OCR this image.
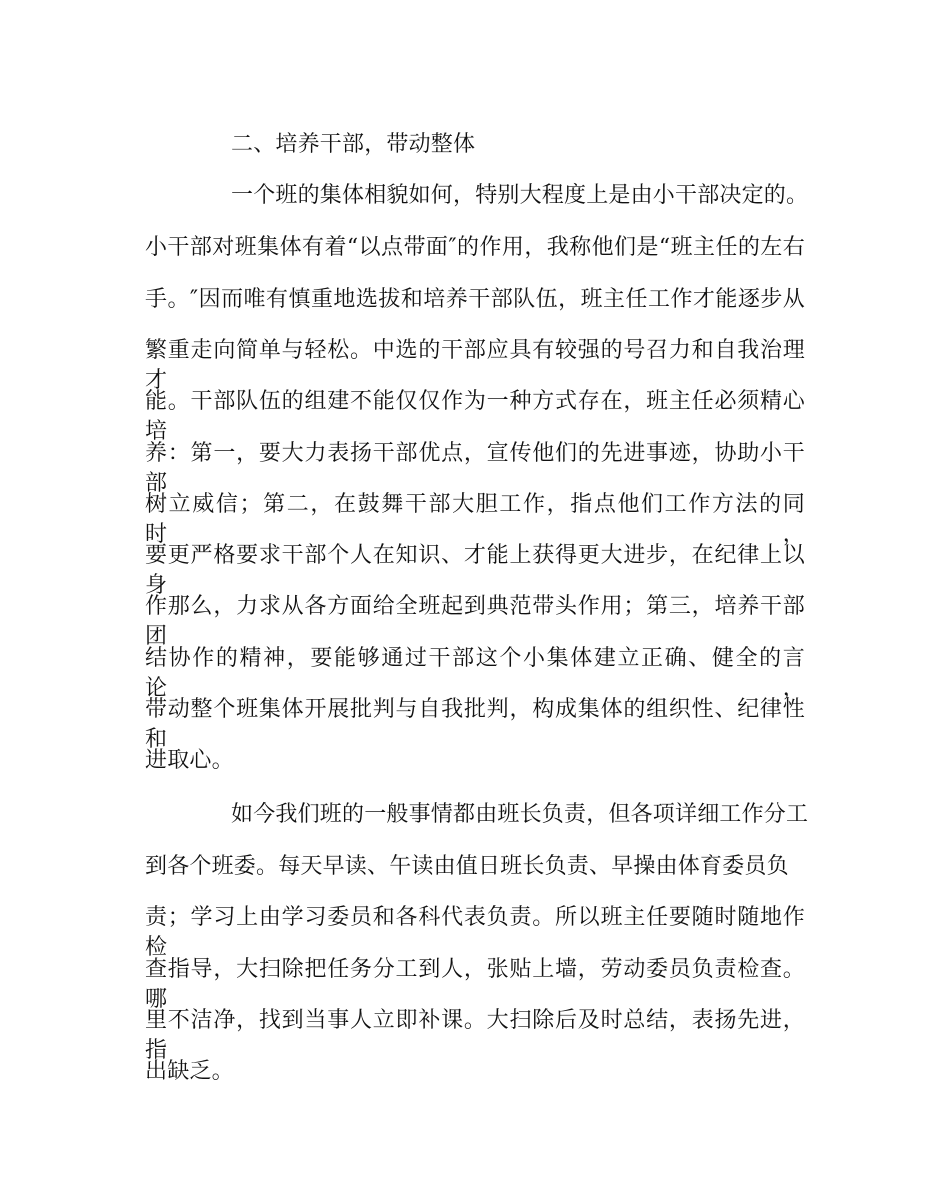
二、培养干部，带动整体

一个班的集体相貌如何，特别大程度上是由小干部决定的。

小干部对班集体有着“以点带面″的作用，我称他们是“班主任的左右

手。″因而唯有慎重地选拔和培养干部队伍，班主任工作才能逐步从

繁重走向简单与轻松。中选的干部应具有较强的号召力和自我治理才

能。干部队伍的组建不能仅仅作为一种方式存在，班主任必须精心培

养：第一，要大力表扬干部优点，宣传他们的先进事迹，协助小干部

树立威信；第二，在鼓舞干部大胆工作，指点他们工作方法的同时，

要更严格要求干部个人在知识、才能上获得更大进步，在纪律上以身

作那么，力求从各方面给全班起到典范带头作用；第三，培养干部团

结协作的精神，要能够通过干部这个小集体建立正确、健全的言论，

带动整个班集体开展批判与自我批判，构成集体的组织性、纪律性和

进取心。

如今我们班的一般事情都由班长负责，但各项详细工作分工

到各个班委。每天早读、午读由值日班长负责、早操由体育委员负

责；学习上由学习委员和各科代表负责。所以班主任要随时随地作检

查指导，大扫除把任务分工到人，张贴上墙，劳动委员负责检查。哪

里不洁净，找到当事人立即补课。大扫除后及时总结，表扬先进，指

出缺乏。
